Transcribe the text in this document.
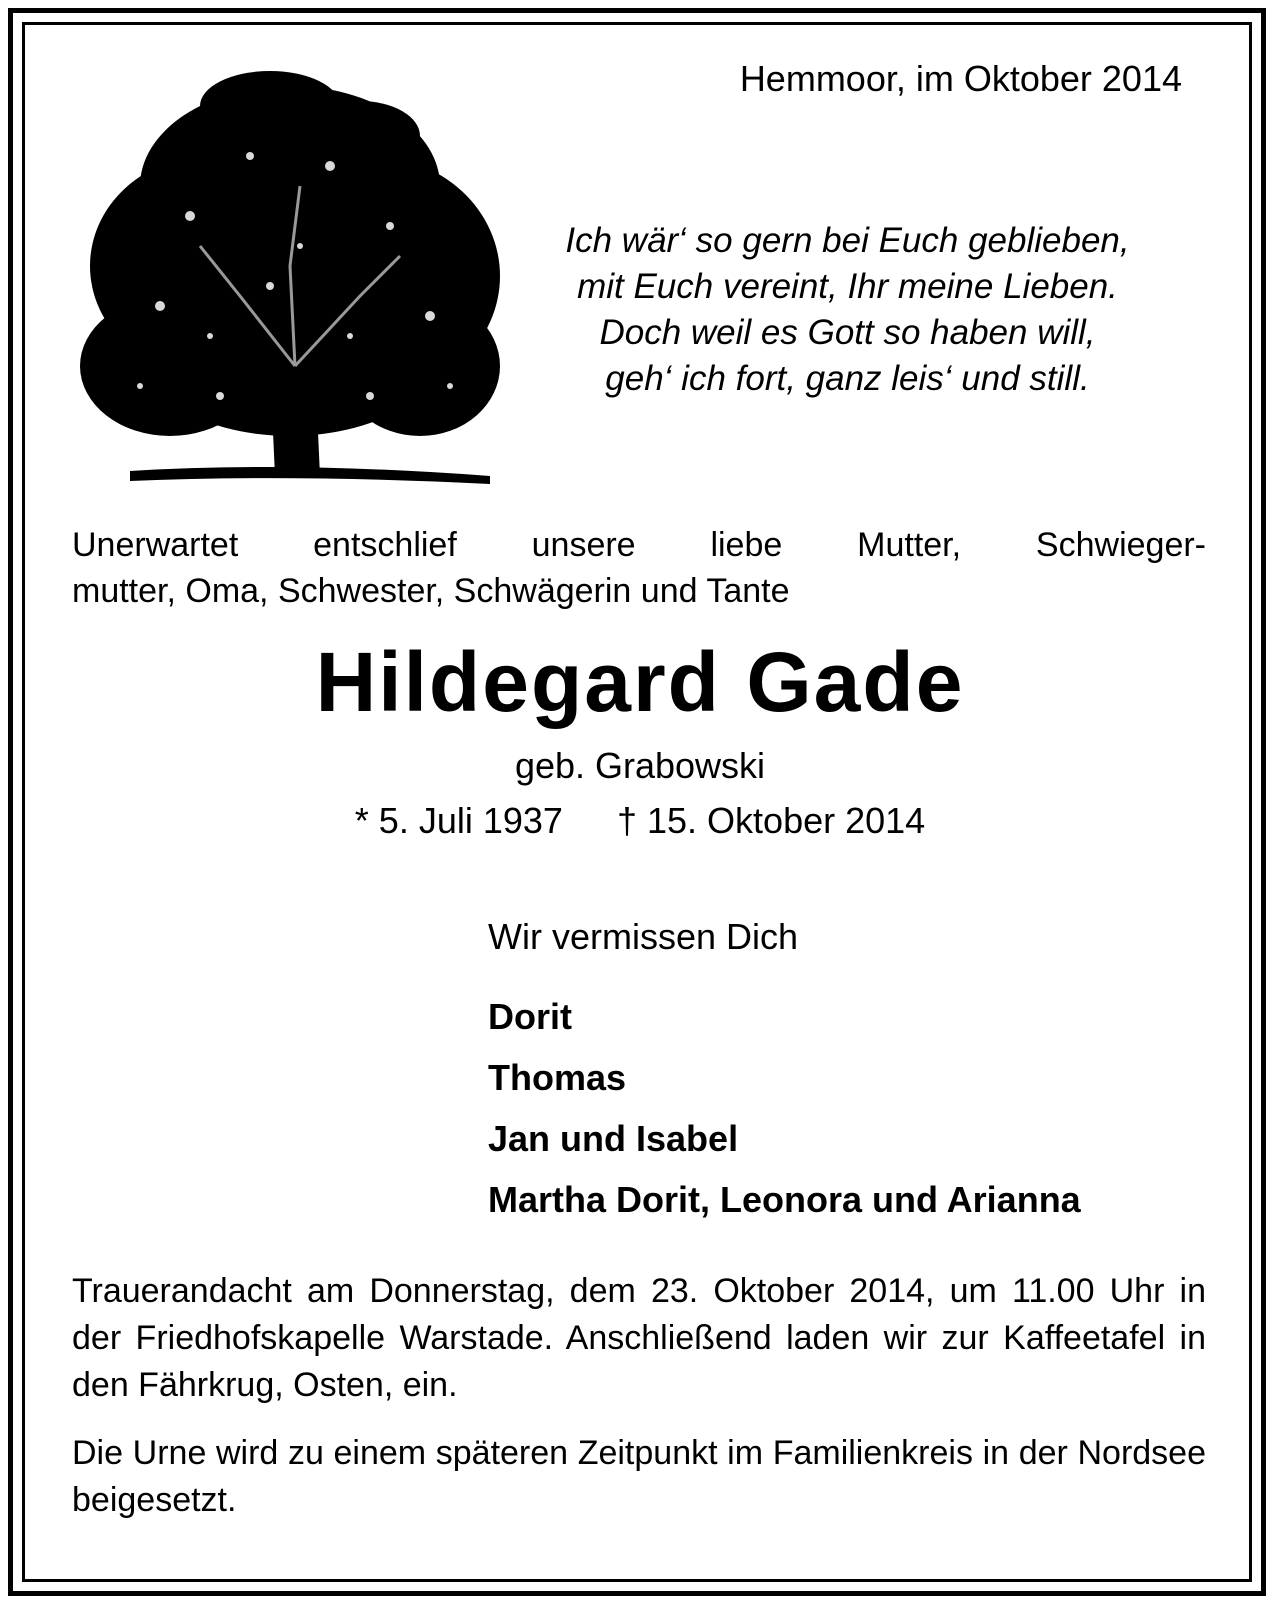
Hemmoor, im Oktober 2014
Ich wär‘ so gern bei Euch geblieben,
mit Euch vereint, Ihr meine Lieben.
Doch weil es Gott so haben will,
geh‘ ich fort, ganz leis‘ und still.
Unerwartet entschlief unsere liebe Mutter, Schwieger-
mutter, Oma, Schwester, Schwägerin und Tante
Hildegard Gade
geb. Grabowski
* 5. Juli 1937 † 15. Oktober 2014
Wir vermissen Dich
Dorit
Thomas
Jan und Isabel
Martha Dorit, Leonora und Arianna
Trauerandacht am Donnerstag, dem 23. Oktober 2014, um 11.00 Uhr in der Friedhofskapelle Warstade. Anschließend laden wir zur Kaffeetafel in den Fährkrug, Osten, ein.
Die Urne wird zu einem späteren Zeitpunkt im Familienkreis in der Nordsee beigesetzt.
